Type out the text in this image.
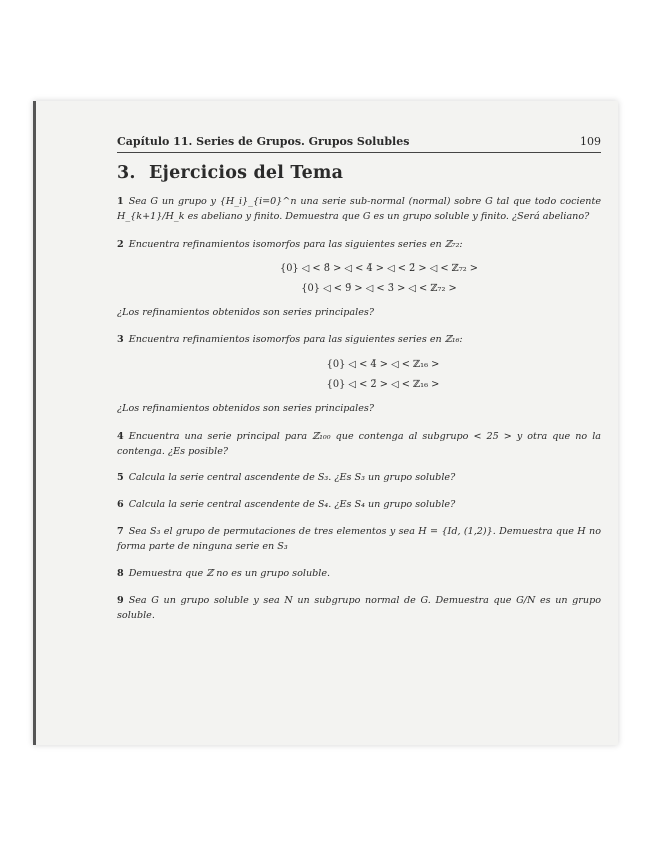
Capítulo 11. Series de Grupos. Grupos Solubles	109
3. Ejercicios del Tema
1 Sea G un grupo y {H_i}_{i=0}^n una serie sub-normal (normal) sobre G tal que todo cociente H_{k+1}/H_k es abeliano y finito. Demuestra que G es un grupo soluble y finito. ¿Será abeliano?
2 Encuentra refinamientos isomorfos para las siguientes series en ℤ₇₂:
{0} ◁ < 8̄ > ◁ < 4̄ > ◁ < 2̄ > ◁ < ℤ₇₂ >
{0} ◁ < 9̄ > ◁ < 3̄ > ◁ < ℤ₇₂ >
¿Los refinamientos obtenidos son series principales?
3 Encuentra refinamientos isomorfos para las siguientes series en ℤ₁₆:
{0} ◁ < 4̄ > ◁ < ℤ₁₆ >
{0} ◁ < 2̄ > ◁ < ℤ₁₆ >
¿Los refinamientos obtenidos son series principales?
4 Encuentra una serie principal para ℤ₁₀₀ que contenga al subgrupo < 25̄ > y otra que no la contenga. ¿Es posible?
5 Calcula la serie central ascendente de S₃. ¿Es S₃ un grupo soluble?
6 Calcula la serie central ascendente de S₄. ¿Es S₄ un grupo soluble?
7 Sea S₃ el grupo de permutaciones de tres elementos y sea H = {Id, (1,2)}. Demuestra que H no forma parte de ninguna serie en S₃
8 Demuestra que ℤ no es un grupo soluble.
9 Sea G un grupo soluble y sea N un subgrupo normal de G. Demuestra que G/N es un grupo soluble.
